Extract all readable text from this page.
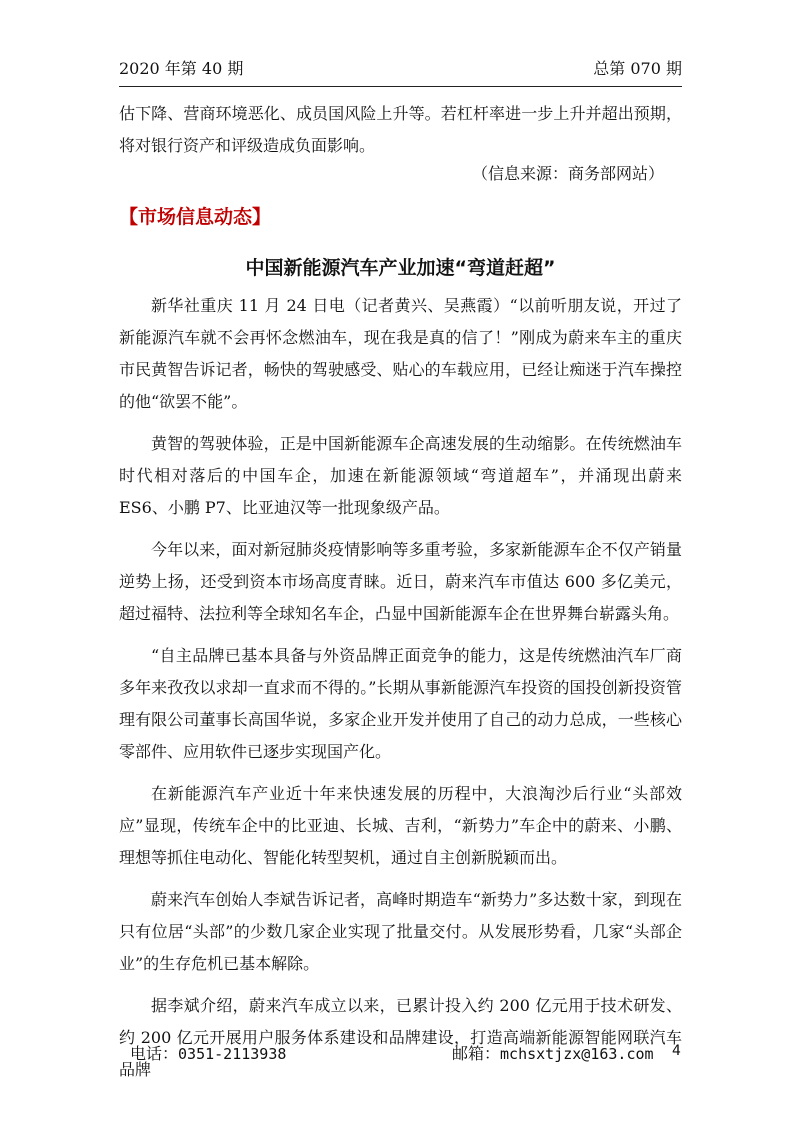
2020 年第 40 期	总第 070 期

估下降、营商环境恶化、成员国风险上升等。若杠杆率进一步上升并超出预期，将对银行资产和评级造成负面影响。

（信息来源：商务部网站）
【市场信息动态】
中国新能源汽车产业加速“弯道赶超”

新华社重庆 11 月 24 日电（记者黄兴、吴燕霞）“以前听朋友说，开过了新能源汽车就不会再怀念燃油车，现在我是真的信了！”刚成为蔚来车主的重庆市民黄智告诉记者，畅快的驾驶感受、贴心的车载应用，已经让痴迷于汽车操控的他“欲罢不能”。

黄智的驾驶体验，正是中国新能源车企高速发展的生动缩影。在传统燃油车时代相对落后的中国车企，加速在新能源领域“弯道超车”，并涌现出蔚来 ES6、小鹏 P7、比亚迪汉等一批现象级产品。

今年以来，面对新冠肺炎疫情影响等多重考验，多家新能源车企不仅产销量逆势上扬，还受到资本市场高度青睐。近日，蔚来汽车市值达 600 多亿美元，超过福特、法拉利等全球知名车企，凸显中国新能源车企在世界舞台崭露头角。

“自主品牌已基本具备与外资品牌正面竞争的能力，这是传统燃油汽车厂商多年来孜孜以求却一直求而不得的。”长期从事新能源汽车投资的国投创新投资管理有限公司董事长高国华说，多家企业开发并使用了自己的动力总成，一些核心零部件、应用软件已逐步实现国产化。

在新能源汽车产业近十年来快速发展的历程中，大浪淘沙后行业“头部效应”显现，传统车企中的比亚迪、长城、吉利，“新势力”车企中的蔚来、小鹏、理想等抓住电动化、智能化转型契机，通过自主创新脱颖而出。

蔚来汽车创始人李斌告诉记者，高峰时期造车“新势力”多达数十家，到现在只有位居“头部”的少数几家企业实现了批量交付。从发展形势看，几家“头部企业”的生存危机已基本解除。

据李斌介绍，蔚来汽车成立以来，已累计投入约 200 亿元用于技术研发、约 200 亿元开展用户服务体系建设和品牌建设，打造高端新能源智能网联汽车品牌

电话：0351-2113938	邮箱：mchsxtjzx@163.com 4
